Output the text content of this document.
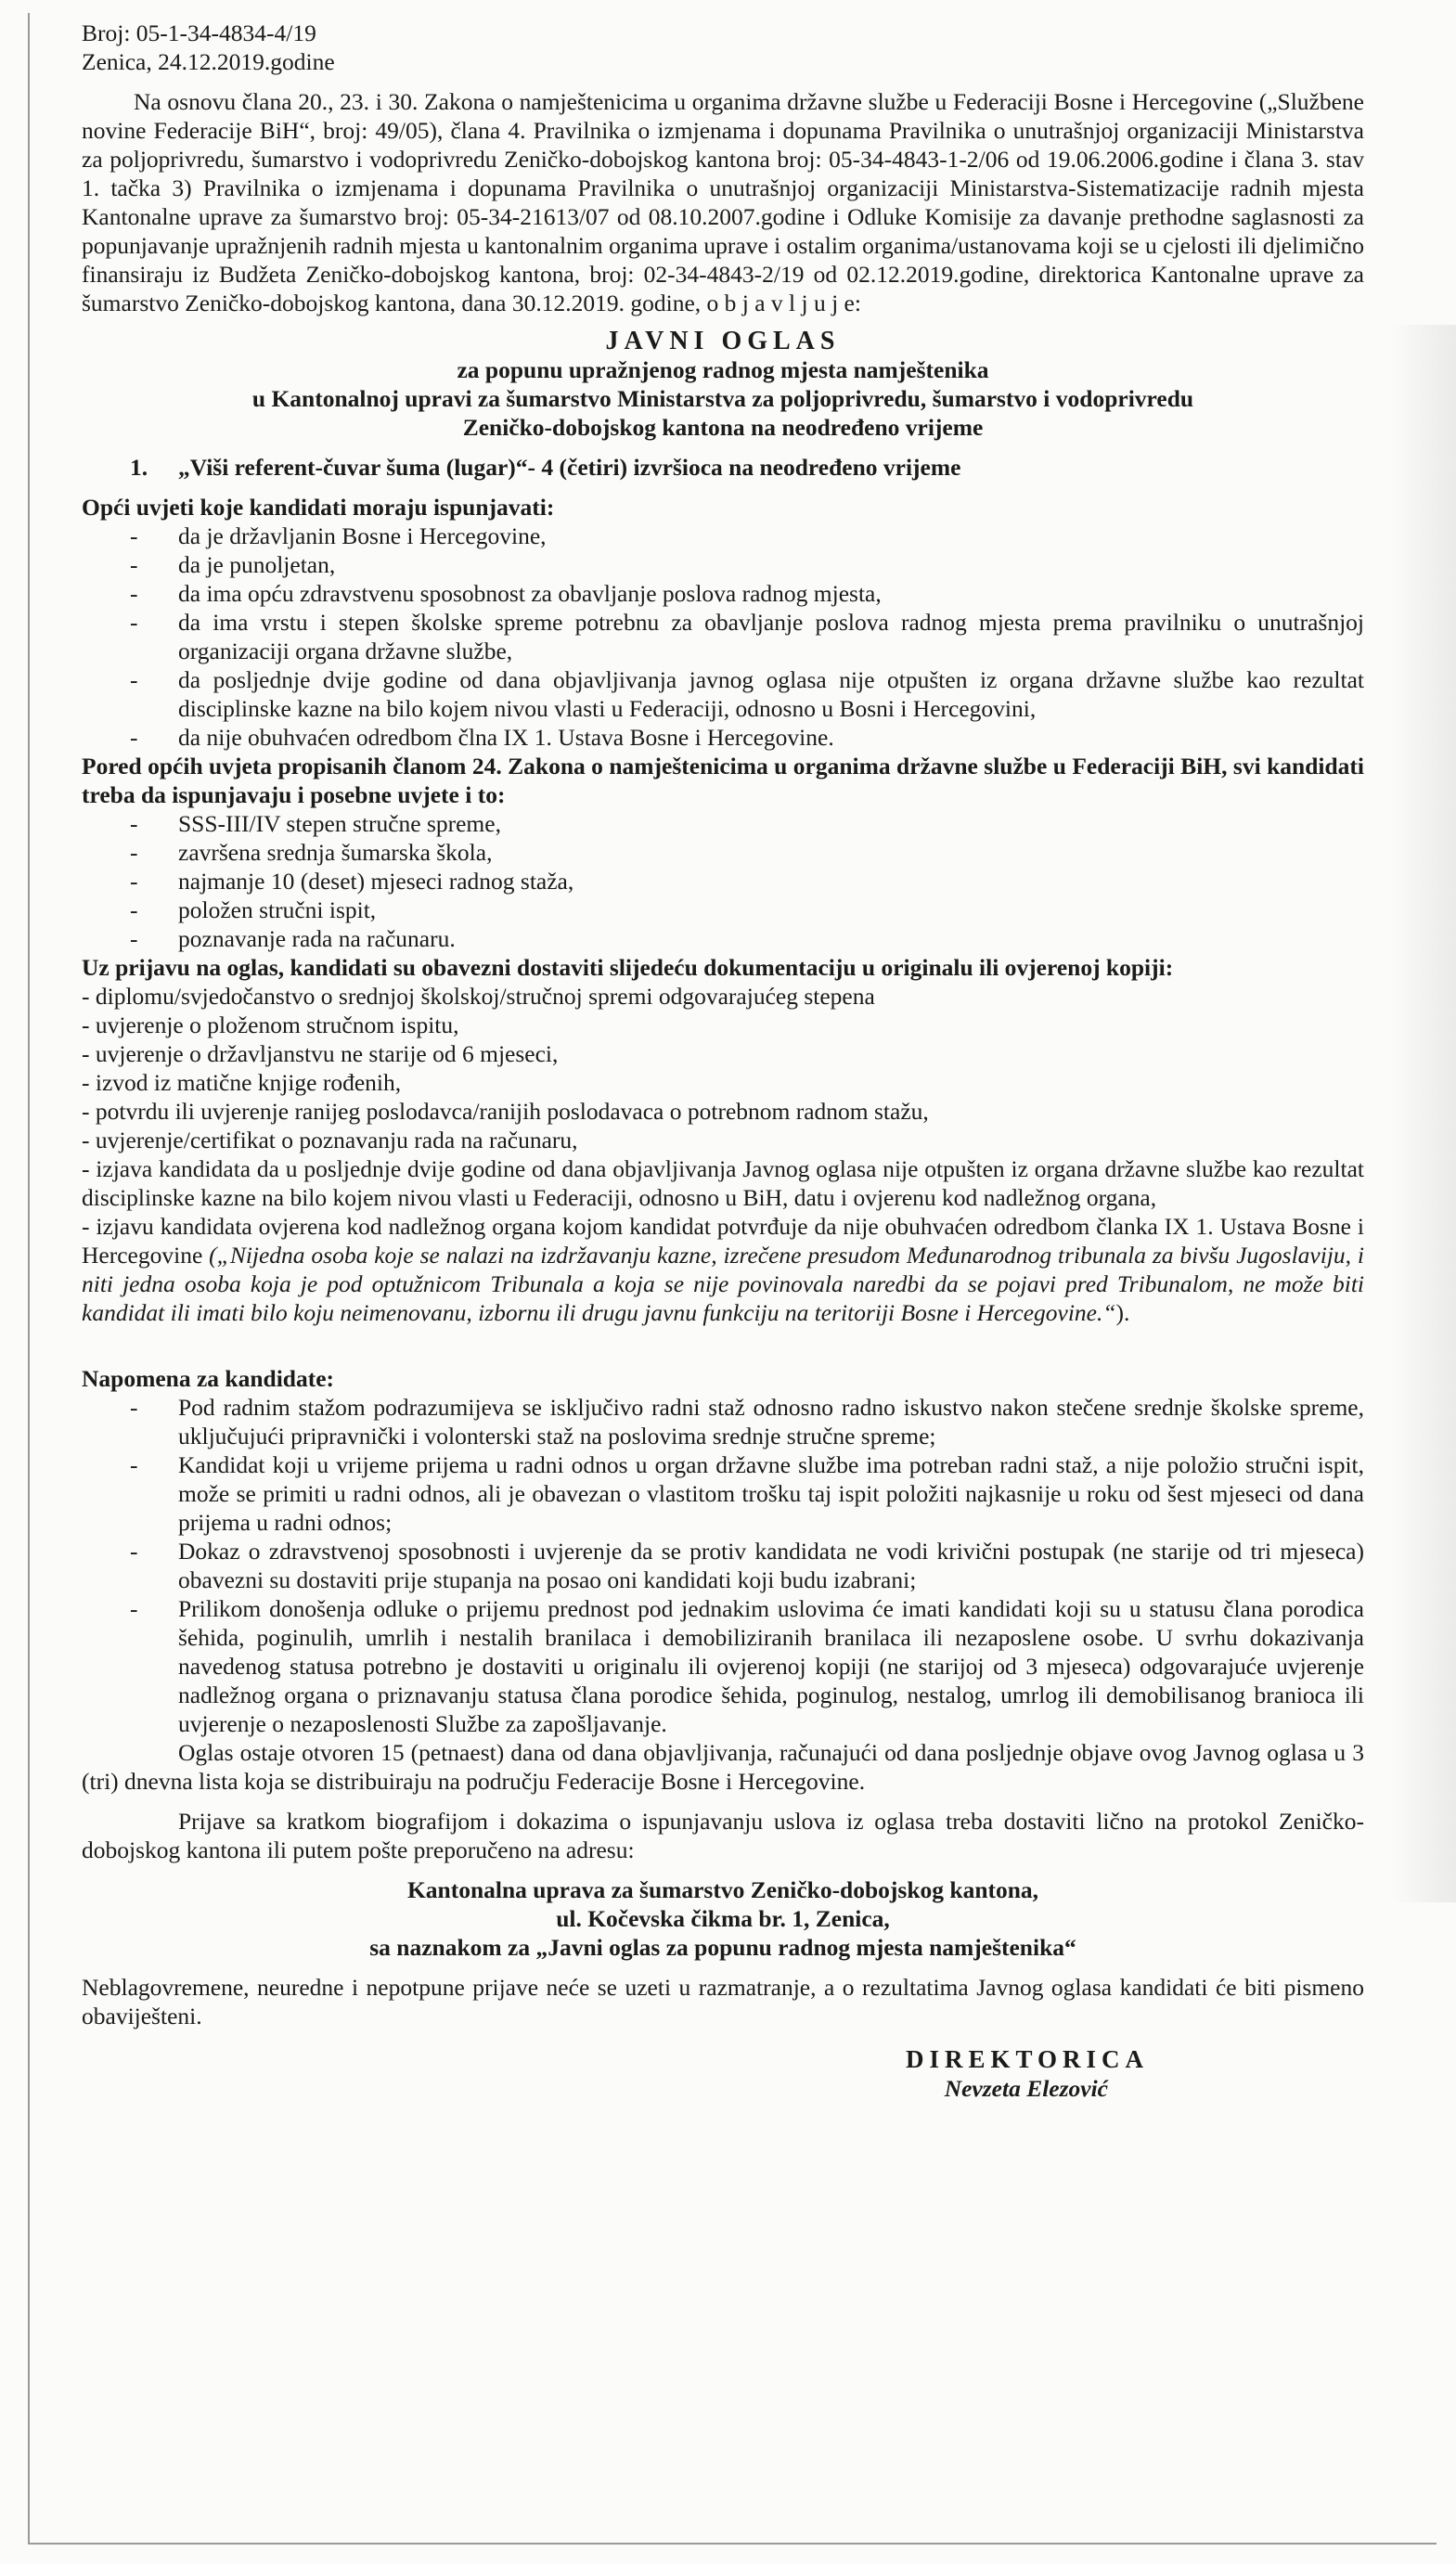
Broj: 05-1-34-4834-4/19

Zenica, 24.12.2019.godine

Na osnovu člana 20., 23. i 30. Zakona o namještenicima u organima državne službe u Federaciji Bosne i Hercegovine („Službene novine Federacije BiH“, broj: 49/05), člana 4. Pravilnika o izmjenama i dopunama Pravilnika o unutrašnjoj organizaciji Ministarstva za poljoprivredu, šumarstvo i vodoprivredu Zeničko-dobojskog kantona broj: 05-34-4843-1-2/06 od 19.06.2006.godine i člana 3. stav 1. tačka 3) Pravilnika o izmjenama i dopunama Pravilnika o unutrašnjoj organizaciji Ministarstva-Sistematizacije radnih mjesta Kantonalne uprave za šumarstvo broj: 05-34-21613/07 od 08.10.2007.godine i Odluke Komisije za davanje prethodne saglasnosti za popunjavanje upražnjenih radnih mjesta u kantonalnim organima uprave i ostalim organima/ustanovama koji se u cjelosti ili djelimično finansiraju iz Budžeta Zeničko-dobojskog kantona, broj: 02-34-4843-2/19 od 02.12.2019.godine, direktorica Kantonalne uprave za šumarstvo Zeničko-dobojskog kantona, dana 30.12.2019. godine, o b j a v l j u j e:

JAVNI OGLAS

za popunu upražnjenog radnog mjesta namještenika

u Kantonalnoj upravi za šumarstvo Ministarstva za poljoprivredu, šumarstvo i vodoprivredu

Zeničko-dobojskog kantona na neodređeno vrijeme

1. „Viši referent-čuvar šuma (lugar)“- 4 (četiri) izvršioca na neodređeno vrijeme

Opći uvjeti koje kandidati moraju ispunjavati:

- da je državljanin Bosne i Hercegovine,
- da je punoljetan,
- da ima opću zdravstvenu sposobnost za obavljanje poslova radnog mjesta,
- da ima vrstu i stepen školske spreme potrebnu za obavljanje poslova radnog mjesta prema pravilniku o unutrašnjoj organizaciji organa državne službe,
- da posljednje dvije godine od dana objavljivanja javnog oglasa nije otpušten iz organa državne službe kao rezultat disciplinske kazne na bilo kojem nivou vlasti u Federaciji, odnosno u Bosni i Hercegovini,
- da nije obuhvaćen odredbom člna IX 1. Ustava Bosne i Hercegovine.

Pored općih uvjeta propisanih članom 24. Zakona o namještenicima u organima državne službe u Federaciji BiH, svi kandidati treba da ispunjavaju i posebne uvjete i to:

- SSS-III/IV stepen stručne spreme,
- završena srednja šumarska škola,
- najmanje 10 (deset) mjeseci radnog staža,
- položen stručni ispit,
- poznavanje rada na računaru.

Uz prijavu na oglas, kandidati su obavezni dostaviti slijedeću dokumentaciju u originalu ili ovjerenoj kopiji:

- diplomu/svjedočanstvo o srednjoj školskoj/stručnoj spremi odgovarajućeg stepena
- uvjerenje o ploženom stručnom ispitu,
- uvjerenje o državljanstvu ne starije od 6 mjeseci,
- izvod iz matične knjige rođenih,
- potvrdu ili uvjerenje ranijeg poslodavca/ranijih poslodavaca o potrebnom radnom stažu,
- uvjerenje/certifikat o poznavanju rada na računaru,
- izjava kandidata da u posljednje dvije godine od dana objavljivanja Javnog oglasa nije otpušten iz organa državne službe kao rezultat disciplinske kazne na bilo kojem nivou vlasti u Federaciji, odnosno u BiH, datu i ovjerenu kod nadležnog organa,
- izjavu kandidata ovjerena kod nadležnog organa kojom kandidat potvrđuje da nije obuhvaćen odredbom članka IX 1. Ustava Bosne i Hercegovine („Nijedna osoba koje se nalazi na izdržavanju kazne, izrečene presudom Međunarodnog tribunala za bivšu Jugoslaviju, i niti jedna osoba koja je pod optužnicom Tribunala a koja se nije povinovala naredbi da se pojavi pred Tribunalom, ne može biti kandidat ili imati bilo koju neimenovanu, izbornu ili drugu javnu funkciju na teritoriji Bosne i Hercegovine.“).

Napomena za kandidate:

- Pod radnim stažom podrazumijeva se isključivo radni staž odnosno radno iskustvo nakon stečene srednje školske spreme, uključujući pripravnički i volonterski staž na poslovima srednje stručne spreme;
- Kandidat koji u vrijeme prijema u radni odnos u organ državne službe ima potreban radni staž, a nije položio stručni ispit, može se primiti u radni odnos, ali je obavezan o vlastitom trošku taj ispit položiti najkasnije u roku od šest mjeseci od dana prijema u radni odnos;
- Dokaz o zdravstvenoj sposobnosti i uvjerenje da se protiv kandidata ne vodi krivični postupak (ne starije od tri mjeseca) obavezni su dostaviti prije stupanja na posao oni kandidati koji budu izabrani;
- Prilikom donošenja odluke o prijemu prednost pod jednakim uslovima će imati kandidati koji su u statusu člana porodica šehida, poginulih, umrlih i nestalih branilaca i demobiliziranih branilaca ili nezaposlene osobe. U svrhu dokazivanja navedenog statusa potrebno je dostaviti u originalu ili ovjerenoj kopiji (ne starijoj od 3 mjeseca) odgovarajuće uvjerenje nadležnog organa o priznavanju statusa člana porodice šehida, poginulog, nestalog, umrlog ili demobilisanog branioca ili uvjerenje o nezaposlenosti Službe za zapošljavanje.

Oglas ostaje otvoren 15 (petnaest) dana od dana objavljivanja, računajući od dana posljednje objave ovog Javnog oglasa u 3 (tri) dnevna lista koja se distribuiraju na području Federacije Bosne i Hercegovine.

Prijave sa kratkom biografijom i dokazima o ispunjavanju uslova iz oglasa treba dostaviti lično na protokol Zeničko-dobojskog kantona ili putem pošte preporučeno na adresu:

Kantonalna uprava za šumarstvo Zeničko-dobojskog kantona,

ul. Kočevska čikma br. 1, Zenica,

sa naznakom za „Javni oglas za popunu radnog mjesta namještenika“

Neblagovremene, neuredne i nepotpune prijave neće se uzeti u razmatranje, a o rezultatima Javnog oglasa kandidati će biti pismeno obaviješteni.

DIREKTORICA

Nevzeta Elezović
